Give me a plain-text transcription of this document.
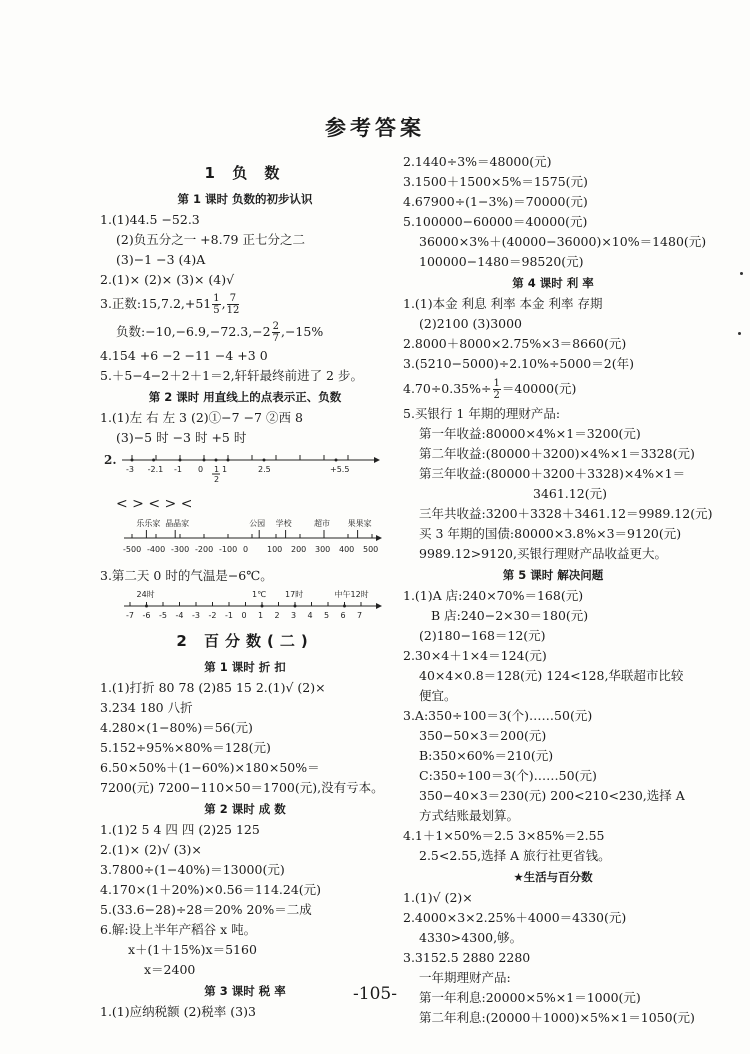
参考答案
1 负 数
第 1 课时 负数的初步认识
1.(1)44.5 −52.3
(2)负五分之一 +8.79 正七分之二
(3)−1 −3 (4)A
2.(1)× (2)× (3)× (4)√
3.正数:15,7.2,+51 $\frac{1}{5}$ , $\frac{7}{12}$
负数:−10,−6.9,−72.3,−2 $\frac{2}{7} ,-15\%$
4.154 +6 −2 −11 −4 +3 0
5.＋5−4−2＋2＋1＝2,轩轩最终前进了 2 步。
第 2 课时 用直线上的点表示正、负数
1.(1)左 右 左 3 (2)①−7 −7 ②西 8
(3)−5 时 −3 时 +5 时
2.
-3 -2.1 -1 0 1
2
1	2.5	+5.5
< > < > <
-500 -400 -300 -200 -100 0 100 200 300 400 500
乐乐家 晶晶家	公园 学校	超市 果果家
3.第二天 0 时的气温是−6℃。
-7 -6 -5 -4 -3 -2 -1 0 1 2 3 4 5 6 7
24时	1℃ 17时	中午12时
2 百分数(二)
第 1 课时 折 扣
1.(1)打折 80 78 (2)85 15 2.(1)√ (2)×
3.234 180 八折
4.280×(1−80%)＝56(元)
5.152÷95%×80%＝128(元)
6.50×50%＋(1−60%)×180×50%＝
7200(元) 7200−110×50＝1700(元),没有亏本。
第 2 课时 成 数
1.(1)2 5 4 四 四 (2)25 125
2.(1)× (2)√ (3)×
3.7800÷(1−40%)＝13000(元)
4.170×(1＋20%)×0.56＝114.24(元)
5.(33.6−28)÷28＝20% 20%＝二成
6.解:设上半年产稻谷 x 吨。
x＋(1＋15%)x＝5160
x＝2400
第 3 课时 税 率
1.(1)应纳税额 (2)税率 (3)3
2.1440÷3%＝48000(元)
3.1500＋1500×5%＝1575(元)
4.67900÷(1−3%)＝70000(元)
5.100000−60000＝40000(元)
36000×3%＋(40000−36000)×10%＝1480(元)
100000−1480＝98520(元)
第 4 课时 利 率
1.(1)本金 利息 利率 本金 利率 存期
(2)2100 (3)3000
2.8000＋8000×2.75%×3＝8660(元)
3.(5210−5000)÷2.10%÷5000＝2(年)
$4.70\div 0.35\%\div \frac{1}{2} =40000$(元)
5.买银行 1 年期的理财产品:
第一年收益:80000×4%×1＝3200(元)
第二年收益:(80000＋3200)×4%×1＝3328(元)
第三年收益:(80000＋3200＋3328)×4%×1＝
3461.12(元)
三年共收益:3200＋3328＋3461.12＝9989.12(元)
买 3 年期的国债:80000×3.8%×3＝9120(元)
9989.12>9120,买银行理财产品收益更大。
第 5 课时 解决问题
1.(1)A 店:240×70%＝168(元)
B 店:240−2×30＝180(元)
(2)180−168＝12(元)
2.30×4＋1×4＝124(元)
40×4×0.8＝128(元) 124<128,华联超市比较
便宜。
3.A:350÷100＝3(个)……50(元)
350−50×3＝200(元)
B:350×60%＝210(元)
C:350÷100＝3(个)……50(元)
350−40×3＝230(元) 200<210<230,选择 A
方式结账最划算。
4.1＋1×50%＝2.5 3×85%＝2.55
2.5<2.55,选择 A 旅行社更省钱。
★生活与百分数
1.(1)√ (2)×
2.4000×3×2.25%＋4000＝4330(元)
4330>4300,够。
3.3152.5 2880 2280
一年期理财产品:
第一年利息:20000×5%×1＝1000(元)
第二年利息:(20000＋1000)×5%×1＝1050(元)
-105-
